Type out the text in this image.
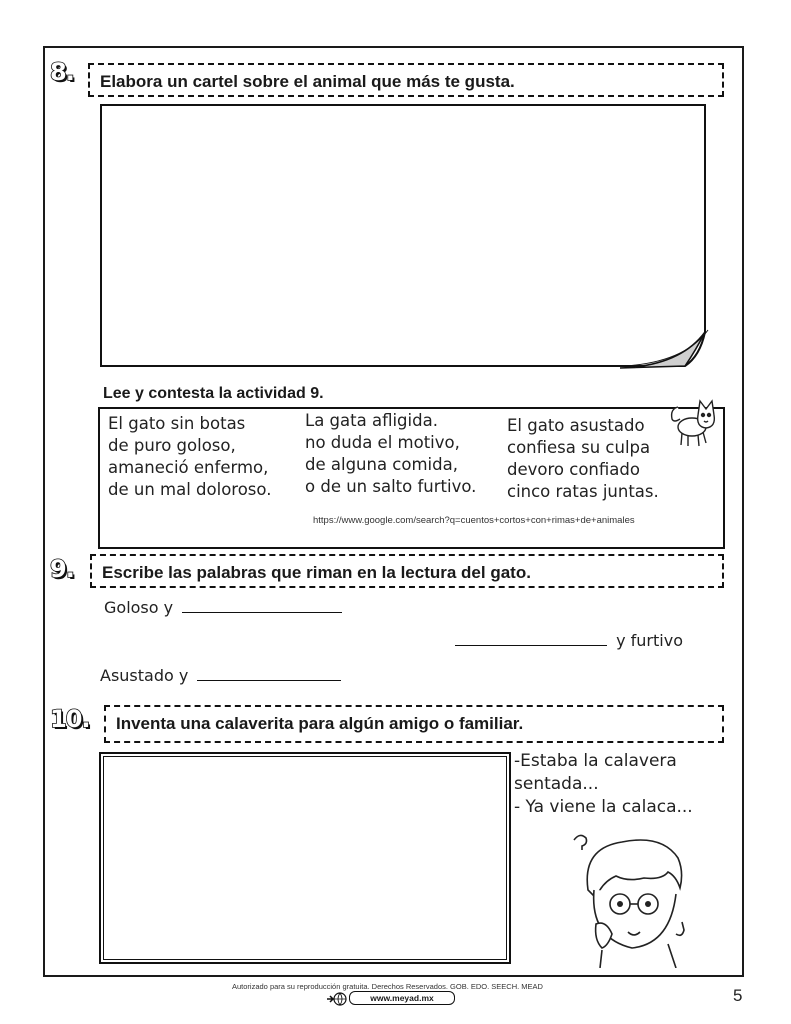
8.	Elabora un cartel sobre el animal que más te gusta.
Lee y contesta la actividad 9.
El gato sin botas
de puro goloso,
amaneció enfermo,
de un mal doloroso.
La gata afligida.
no duda el motivo,
de alguna comida,
o de un salto furtivo.
El gato asustado
confiesa su culpa
devoro confiado
cinco ratas juntas.
https://www.google.com/search?q=cuentos+cortos+con+rimas+de+animales
9.	Escribe las palabras que riman en la lectura del gato.
Goloso y
y furtivo
Asustado y
10.	Inventa una calaverita para algún amigo o familiar.
-Estaba la calavera
sentada...
- Ya viene la calaca...
Autorizado para su reproducción gratuita. Derechos Reservados. GOB. EDO. SEECH. MEAD
www.meyad.mx	5
